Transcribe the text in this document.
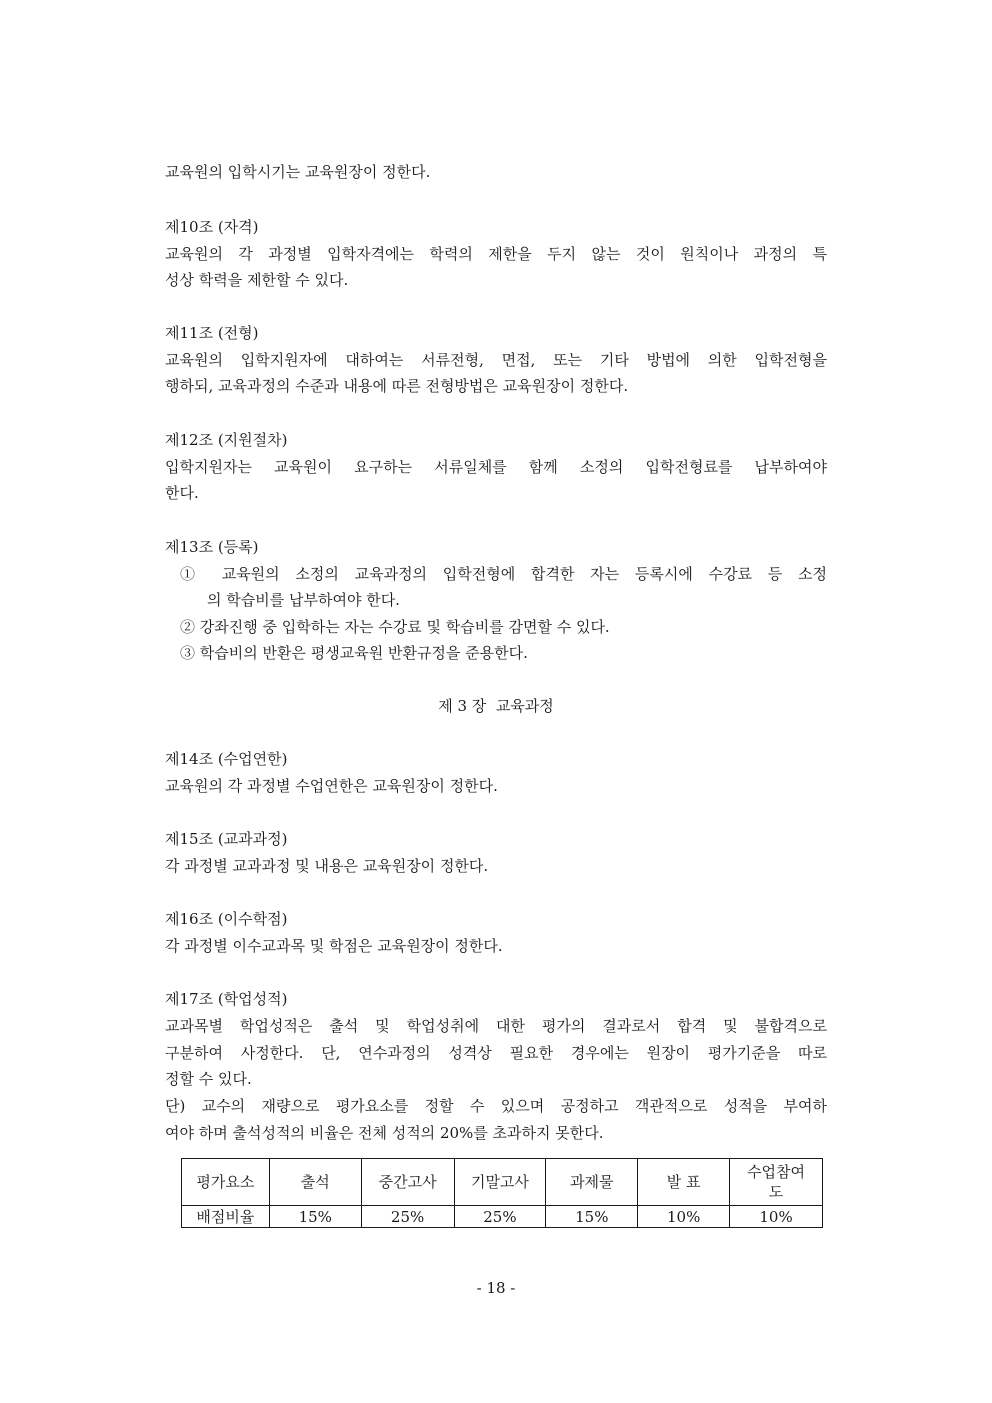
교육원의 입학시기는 교육원장이 정한다.
제10조 (자격)
교육원의 각 과정별 입학자격에는 학력의 제한을 두지 않는 것이 원칙이나 과정의 특
성상 학력을 제한할 수 있다.
제11조 (전형)
교육원의 입학지원자에 대하여는 서류전형, 면접, 또는 기타 방법에 의한 입학전형을
행하되, 교육과정의 수준과 내용에 따른 전형방법은 교육원장이 정한다.
제12조 (지원절차)
입학지원자는 교육원이 요구하는 서류일체를 함께 소정의 입학전형료를 납부하여야
한다.
제13조 (등록)
① 교육원의 소정의 교육과정의 입학전형에 합격한 자는 등록시에 수강료 등 소정
의 학습비를 납부하여야 한다.
② 강좌진행 중 입학하는 자는 수강료 및 학습비를 감면할 수 있다.
③ 학습비의 반환은 평생교육원 반환규정을 준용한다.
제 3 장  교육과정
제14조 (수업연한)
교육원의 각 과정별 수업연한은 교육원장이 정한다.
제15조 (교과과정)
각 과정별 교과과정 및 내용은 교육원장이 정한다.
제16조 (이수학점)
각 과정별 이수교과목 및 학점은 교육원장이 정한다.
제17조 (학업성적)
교과목별 학업성적은 출석 및 학업성취에 대한 평가의 결과로서 합격 및 불합격으로
구분하여 사정한다. 단, 연수과정의 성격상 필요한 경우에는 원장이 평가기준을 따로
정할 수 있다.
단) 교수의 재량으로 평가요소를 정할 수 있으며 공정하고 객관적으로 성적을 부여하
여야 하며 출석성적의 비율은 전체 성적의 20%를 초과하지 못한다.
평가요소	출석	중간고사	기말고사	과제물	발 표	수업참여도
배점비율	15%	25%	25%	15%	10%	10%
- 18 -
